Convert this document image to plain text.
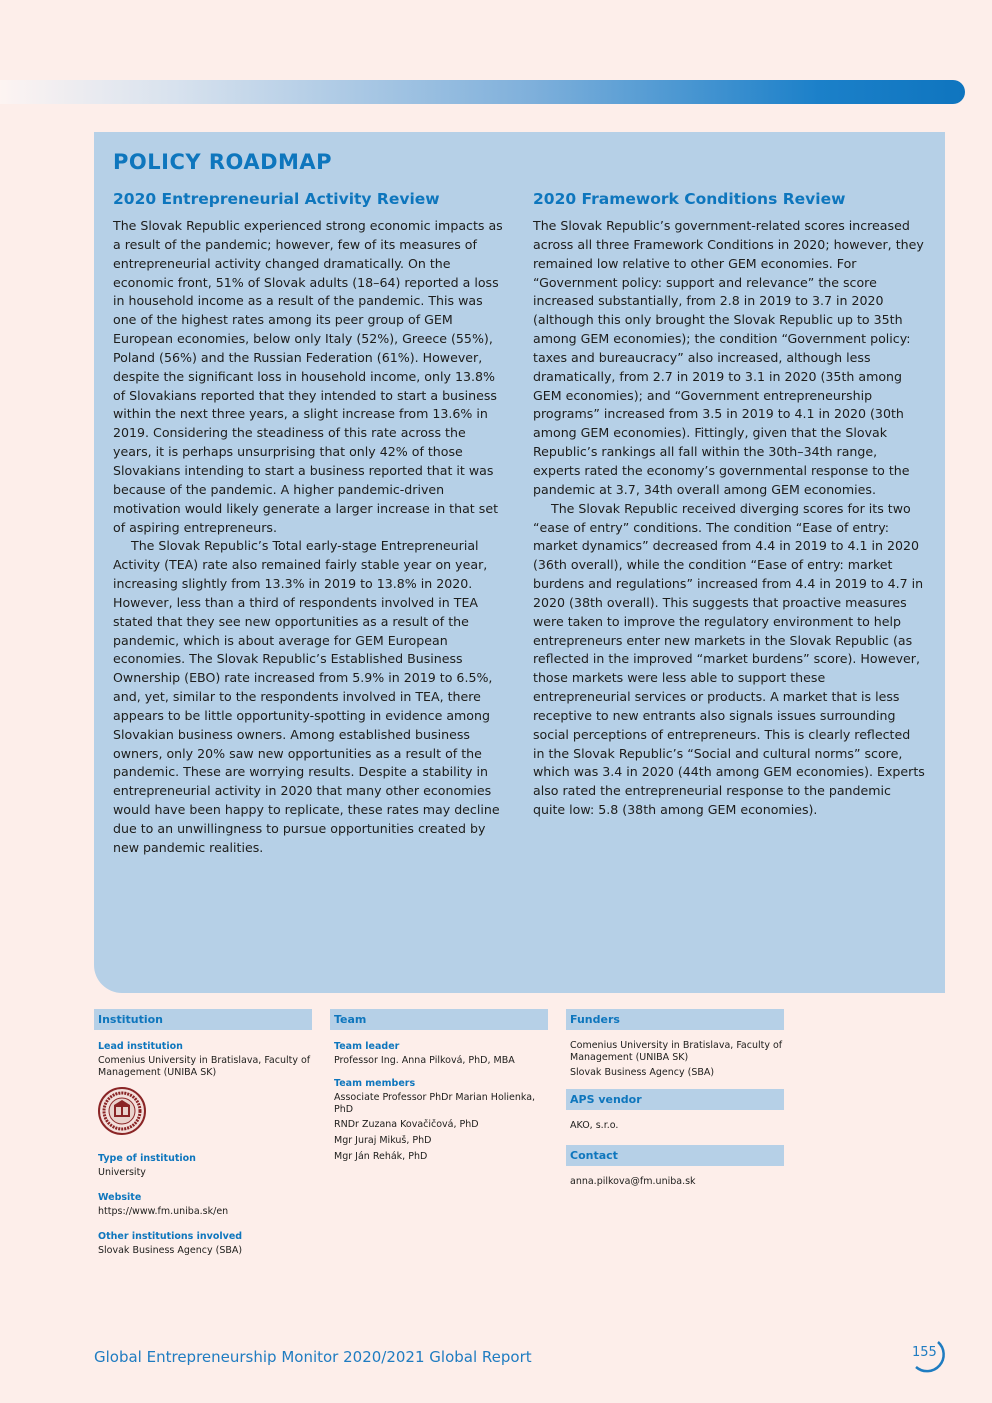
POLICY ROADMAP
2020 Entrepreneurial Activity Review

The Slovak Republic experienced strong economic impacts as a result of the pandemic; however, few of its measures of entrepreneurial activity changed dramatically. On the economic front, 51% of Slovak adults (18–64) reported a loss in household income as a result of the pandemic. This was one of the highest rates among its peer group of GEM European economies, below only Italy (52%), Greece (55%), Poland (56%) and the Russian Federation (61%). However, despite the significant loss in household income, only 13.8% of Slovakians reported that they intended to start a business within the next three years, a slight increase from 13.6% in 2019. Considering the steadiness of this rate across the years, it is perhaps unsurprising that only 42% of those Slovakians intending to start a business reported that it was because of the pandemic. A higher pandemic-driven motivation would likely generate a larger increase in that set of aspiring entrepreneurs.

The Slovak Republic’s Total early-stage Entrepreneurial Activity (TEA) rate also remained fairly stable year on year, increasing slightly from 13.3% in 2019 to 13.8% in 2020. However, less than a third of respondents involved in TEA stated that they see new opportunities as a result of the pandemic, which is about average for GEM European economies. The Slovak Republic’s Established Business Ownership (EBO) rate increased from 5.9% in 2019 to 6.5%, and, yet, similar to the respondents involved in TEA, there appears to be little opportunity-spotting in evidence among Slovakian business owners. Among established business owners, only 20% saw new opportunities as a result of the pandemic. These are worrying results. Despite a stability in entrepreneurial activity in 2020 that many other economies would have been happy to replicate, these rates may decline due to an unwillingness to pursue opportunities created by new pandemic realities.

2020 Framework Conditions Review

The Slovak Republic’s government-related scores increased across all three Framework Conditions in 2020; however, they remained low relative to other GEM economies. For “Government policy: support and relevance” the score increased substantially, from 2.8 in 2019 to 3.7 in 2020 (although this only brought the Slovak Republic up to 35th among GEM economies); the condition “Government policy: taxes and bureaucracy” also increased, although less dramatically, from 2.7 in 2019 to 3.1 in 2020 (35th among GEM economies); and “Government entrepreneurship programs” increased from 3.5 in 2019 to 4.1 in 2020 (30th among GEM economies). Fittingly, given that the Slovak Republic’s rankings all fall within the 30th–34th range, experts rated the economy’s governmental response to the pandemic at 3.7, 34th overall among GEM economies.

The Slovak Republic received diverging scores for its two “ease of entry” conditions. The condition “Ease of entry: market dynamics” decreased from 4.4 in 2019 to 4.1 in 2020 (36th overall), while the condition “Ease of entry: market burdens and regulations” increased from 4.4 in 2019 to 4.7 in 2020 (38th overall). This suggests that proactive measures were taken to improve the regulatory environment to help entrepreneurs enter new markets in the Slovak Republic (as reflected in the improved “market burdens” score). However, those markets were less able to support these entrepreneurial services or products. A market that is less receptive to new entrants also signals issues surrounding social perceptions of entrepreneurs. This is clearly reflected in the Slovak Republic’s “Social and cultural norms” score, which was 3.4 in 2020 (44th among GEM economies). Experts also rated the entrepreneurial response to the pandemic quite low: 5.8 (38th among GEM economies).

Institution
Lead institution
Comenius University in Bratislava, Faculty of Management (UNIBA SK)
Type of institution
University
Website
https://www.fm.uniba.sk/en
Other institutions involved
Slovak Business Agency (SBA)
Team
Team leader
Professor Ing. Anna Pilková, PhD, MBA
Team members
Associate Professor PhDr Marian Holienka, PhD
RNDr Zuzana Kovačičová, PhD
Mgr Juraj Mikuš, PhD
Mgr Ján Rehák, PhD
Funders
Comenius University in Bratislava, Faculty of Management (UNIBA SK)
Slovak Business Agency (SBA)
APS vendor
AKO, s.r.o.
Contact
anna.pilkova@fm.uniba.sk
Global Entrepreneurship Monitor 2020/2021 Global Report	155
